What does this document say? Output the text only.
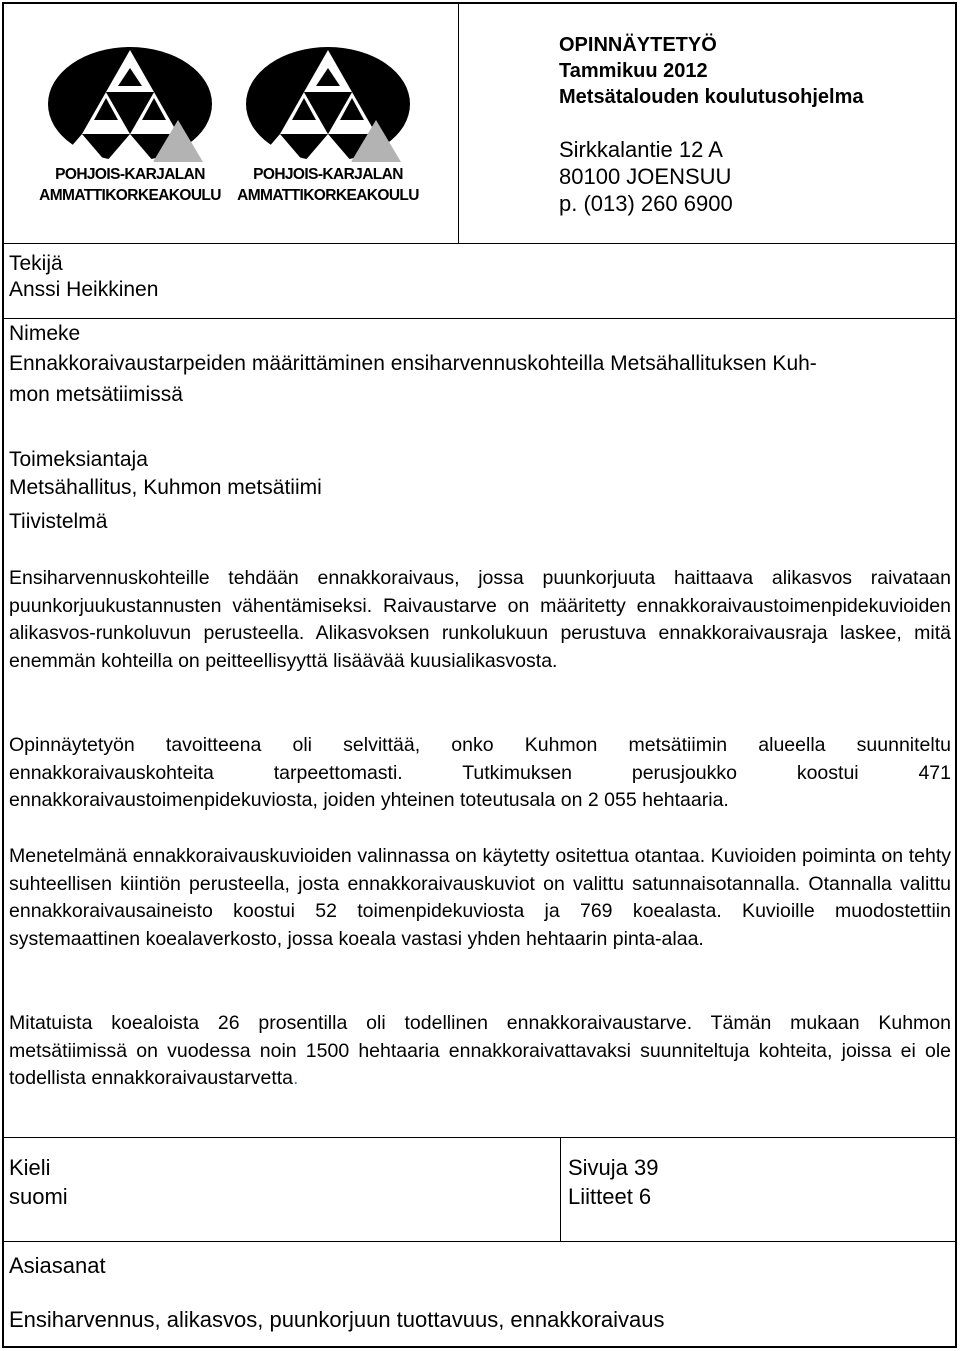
POHJOIS-KARJALAN
AMMATTIKORKEAKOULU
POHJOIS-KARJALAN
AMMATTIKORKEAKOULU
OPINNÄYTETYÖ
Tammikuu 2012
Metsätalouden koulutusohjelma
Sirkkalantie 12 A
80100 JOENSUU
p. (013) 260 6900
Tekijä
Anssi Heikkinen
Nimeke
Ennakkoraivaustarpeiden määrittäminen ensiharvennuskohteilla Metsähallituksen Kuh-
mon metsätiimissä
Toimeksiantaja
Metsähallitus, Kuhmon metsätiimi
Tiivistelmä
Ensiharvennuskohteille tehdään ennakkoraivaus, jossa puunkorjuuta haittaava alikasvos raivataan puunkorjuukustannusten vähentämiseksi. Raivaustarve on määritetty ennakkoraivaustoimenpidekuvioiden alikasvos-runkoluvun perusteella. Alikasvoksen runkolukuun perustuva ennakkoraivausraja laskee, mitä enemmän kohteilla on peitteellisyyttä lisäävää kuusialikasvosta.
Opinnäytetyön tavoitteena oli selvittää, onko Kuhmon metsätiimin alueella suunniteltu ennakkoraivauskohteita tarpeettomasti. Tutkimuksen perusjoukko koostui 471 ennakkoraivaustoimenpidekuviosta, joiden yhteinen toteutusala on 2 055 hehtaaria.
Menetelmänä ennakkoraivauskuvioiden valinnassa on käytetty ositettua otantaa. Kuvioiden poiminta on tehty suhteellisen kiintiön perusteella, josta ennakkoraivauskuviot on valittu satunnaisotannalla. Otannalla valittu ennakkoraivausaineisto koostui 52 toimenpidekuviosta ja 769 koealasta. Kuvioille muodostettiin systemaattinen koealaverkosto, jossa koeala vastasi yhden hehtaarin pinta-alaa.
Mitatuista koealoista 26 prosentilla oli todellinen ennakkoraivaustarve. Tämän mukaan Kuhmon metsätiimissä on vuodessa noin 1500 hehtaaria ennakkoraivattavaksi suunniteltuja kohteita, joissa ei ole todellista ennakkoraivaustarvetta.
Kieli
suomi
Sivuja 39
Liitteet 6
Asiasanat
Ensiharvennus, alikasvos, puunkorjuun tuottavuus, ennakkoraivaus
